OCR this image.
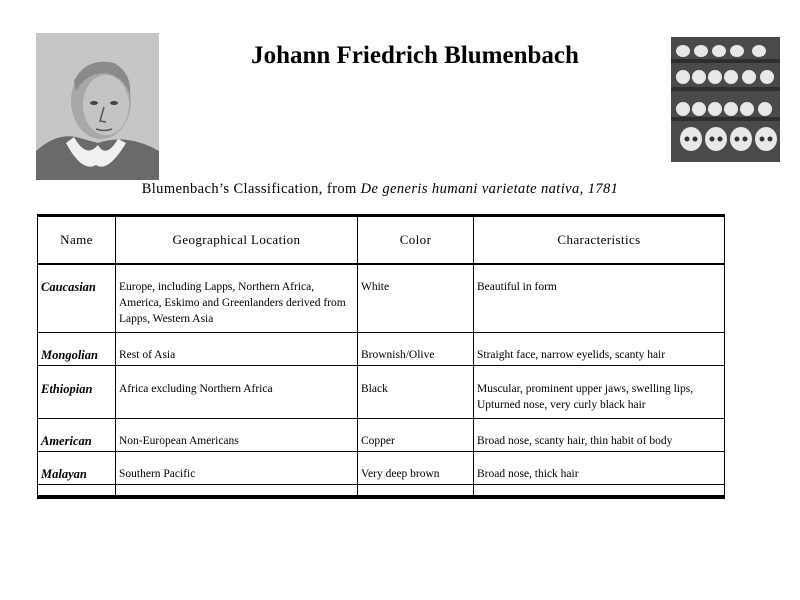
Johann Friedrich Blumenbach
Blumenbach’s Classification, from De generis humani varietate nativa, 1781
Name	Geographical Location	Color	Characteristics
Caucasian	Europe, including Lapps, Northern Africa, America, Eskimo and Greenlanders derived from Lapps, Western Asia	White	Beautiful in form
Mongolian	Rest of Asia	Brownish/Olive	Straight face, narrow eyelids, scanty hair
Ethiopian	Africa excluding Northern Africa	Black	Muscular, prominent upper jaws, swelling lips, Upturned nose, very curly black hair
American	Non-European Americans	Copper	Broad nose, scanty hair, thin habit of body
Malayan	Southern Pacific	Very deep brown	Broad nose, thick hair
